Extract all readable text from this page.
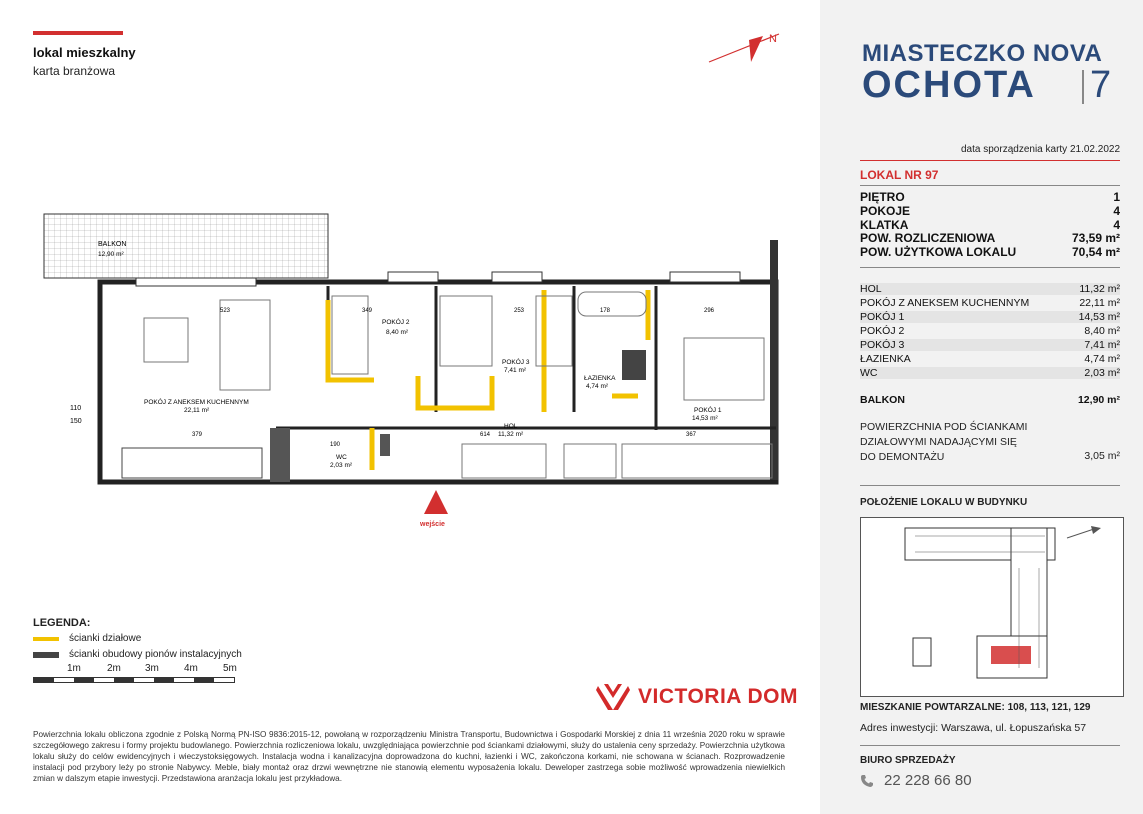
lokal mieszkalny
karta branżowa
N
BALKON
12,90 m²
POKÓJ Z ANEKSEM KUCHENNYM
22,11 m²
POKÓJ 2
8,40 m²
POKÓJ 3
7,41 m²
ŁAZIENKA
4,74 m²
POKÓJ 1
14,53 m²
HOL
11,32 m²
WC
2,03 m²
523	349	253	178	296
379	614	367
190
110
150
wejście
LEGENDA:
ścianki działowe
ścianki obudowy pionów instalacyjnych
1m	2m 3m	4m	5m
VICTORIA DOM
Powierzchnia lokalu obliczona zgodnie z Polską Normą PN-ISO 9836:2015-12, powołaną w rozporządzeniu Ministra Transportu, Budownictwa i Gospodarki Morskiej z dnia 11 września 2020 roku w sprawie szczegółowego zakresu i formy projektu budowlanego. Powierzchnia rozliczeniowa lokalu, uwzględniająca powierzchnie pod ściankami działowymi, służy do ustalenia ceny sprzedaży. Powierzchnia użytkowa lokalu służy do celów ewidencyjnych i wieczystoksięgowych. Instalacja wodna i kanalizacyjna doprowadzona do kuchni, łazienki i WC, zakończona korkami, nie schowana w ścianach. Rozprowadzenie instalacji pod przybory leży po stronie Nabywcy. Meble, biały montaż oraz drzwi wewnętrzne nie stanowią elementu wyposażenia lokalu. Deweloper zastrzega sobie możliwość wprowadzenia niewielkich zmian w dalszym etapie inwestycji. Przedstawiona aranżacja lokalu jest przykładowa.
MIASTECZKO NOVA
OCHOTA 7
data sporządzenia karty 21.02.2022
LOKAL NR 97
PIĘTRO	1
POKOJE	4
KLATKA	4
POW. ROZLICZENIOWA	73,59 m²
POW. UŻYTKOWA LOKALU	70,54 m²
HOL	11,32 m²
POKÓJ Z ANEKSEM KUCHENNYM	22,11 m²
POKÓJ 1	14,53 m²
POKÓJ 2	8,40 m²
POKÓJ 3	7,41 m²
ŁAZIENKA	4,74 m²
WC	2,03 m²
BALKON	12,90 m²
POWIERZCHNIA POD ŚCIANKAMI
DZIAŁOWYMI NADAJĄCYMI SIĘ
DO DEMONTAŻU	3,05 m²
POŁOŻENIE LOKALU W BUDYNKU
MIESZKANIE POWTARZALNE: 108, 113, 121, 129
Adres inwestycji: Warszawa, ul. Łopuszańska 57
BIURO SPRZEDAŻY
22 228 66 80
